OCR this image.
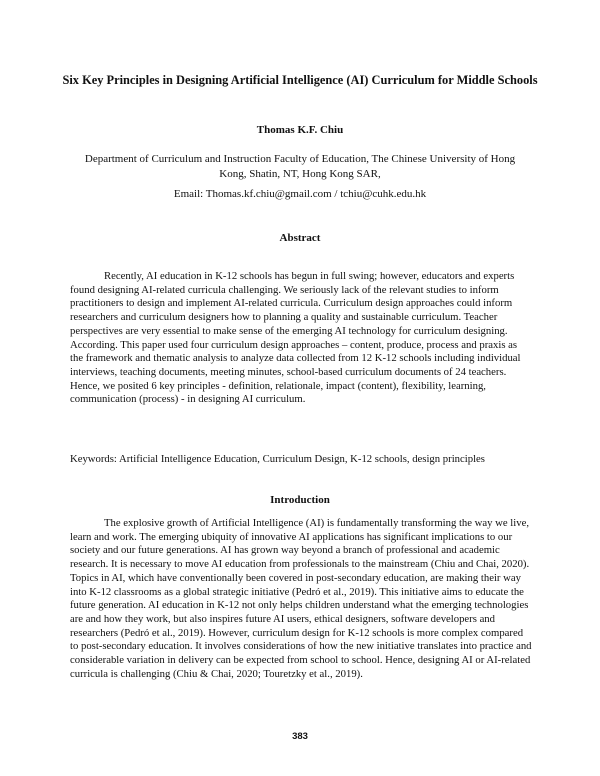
Six Key Principles in Designing Artificial Intelligence (AI) Curriculum for Middle Schools

Thomas K.F. Chiu

Department of Curriculum and Instruction Faculty of Education, The Chinese University of Hong Kong, Shatin, NT, Hong Kong SAR,

Email: Thomas.kf.chiu@gmail.com / tchiu@cuhk.edu.hk

Abstract

Recently, AI education in K-12 schools has begun in full swing; however, educators and experts found designing AI-related curricula challenging. We seriously lack of the relevant studies to inform practitioners to design and implement AI-related curricula. Curriculum design approaches could inform researchers and curriculum designers how to planning a quality and sustainable curriculum. Teacher perspectives are very essential to make sense of the emerging AI technology for curriculum designing. According. This paper used four curriculum design approaches – content, produce, process and praxis as the framework and thematic analysis to analyze data collected from 12 K-12 schools including individual interviews, teaching documents, meeting minutes, school-based curriculum documents of 24 teachers. Hence, we posited 6 key principles - definition, relationale, impact (content), flexibility, learning, communication (process) - in designing AI curriculum.

Keywords: Artificial Intelligence Education, Curriculum Design, K-12 schools, design principles

Introduction

The explosive growth of Artificial Intelligence (AI) is fundamentally transforming the way we live, learn and work. The emerging ubiquity of innovative AI applications has significant implications to our society and our future generations. AI has grown way beyond a branch of professional and academic research. It is necessary to move AI education from professionals to the mainstream (Chiu and Chai, 2020). Topics in AI, which have conventionally been covered in post-secondary education, are making their way into K-12 classrooms as a global strategic initiative (Pedró et al., 2019). This initiative aims to educate the future generation. AI education in K-12 not only helps children understand what the emerging technologies are and how they work, but also inspires future AI users, ethical designers, software developers and researchers (Pedró et al., 2019). However, curriculum design for K-12 schools is more complex compared to post-secondary education. It involves considerations of how the new initiative translates into practice and considerable variation in delivery can be expected from school to school. Hence, designing AI or AI-related curricula is challenging (Chiu & Chai, 2020; Touretzky et al., 2019).

383
